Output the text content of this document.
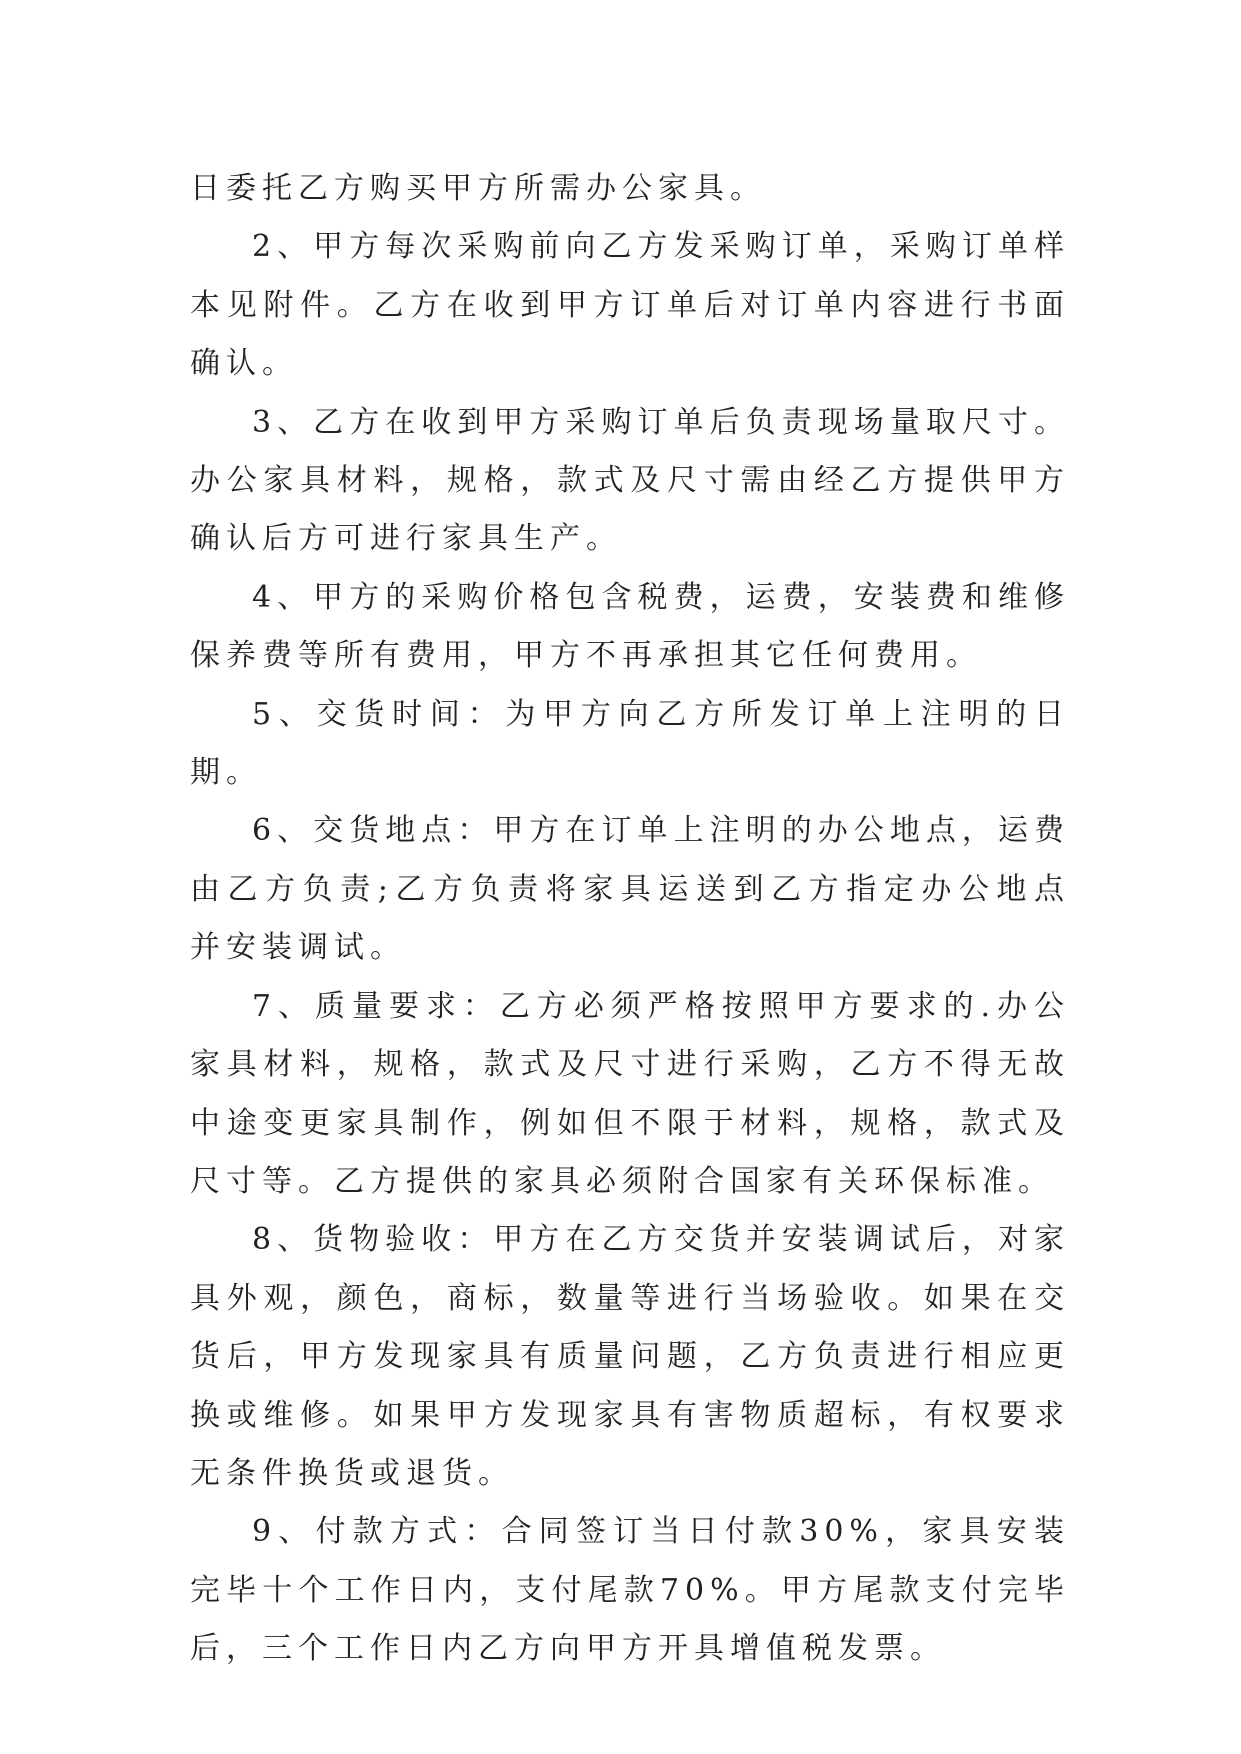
日委托乙方购买甲方所需办公家具。

2、甲方每次采购前向乙方发采购订单，采购订单样本见附件。乙方在收到甲方订单后对订单内容进行书面确认。

3、乙方在收到甲方采购订单后负责现场量取尺寸。办公家具材料，规格，款式及尺寸需由经乙方提供甲方确认后方可进行家具生产。

4、甲方的采购价格包含税费，运费，安装费和维修保养费等所有费用，甲方不再承担其它任何费用。

5、交货时间：为甲方向乙方所发订单上注明的日期。

6、交货地点：甲方在订单上注明的办公地点，运费由乙方负责;乙方负责将家具运送到乙方指定办公地点并安装调试。

7、质量要求：乙方必须严格按照甲方要求的.办公家具材料，规格，款式及尺寸进行采购，乙方不得无故中途变更家具制作，例如但不限于材料，规格，款式及尺寸等。乙方提供的家具必须附合国家有关环保标准。

8、货物验收：甲方在乙方交货并安装调试后，对家具外观，颜色，商标，数量等进行当场验收。如果在交货后，甲方发现家具有质量问题，乙方负责进行相应更换或维修。如果甲方发现家具有害物质超标，有权要求无条件换货或退货。

9、付款方式：合同签订当日付款30%，家具安装完毕十个工作日内，支付尾款70%。甲方尾款支付完毕后，三个工作日内乙方向甲方开具增值税发票。
